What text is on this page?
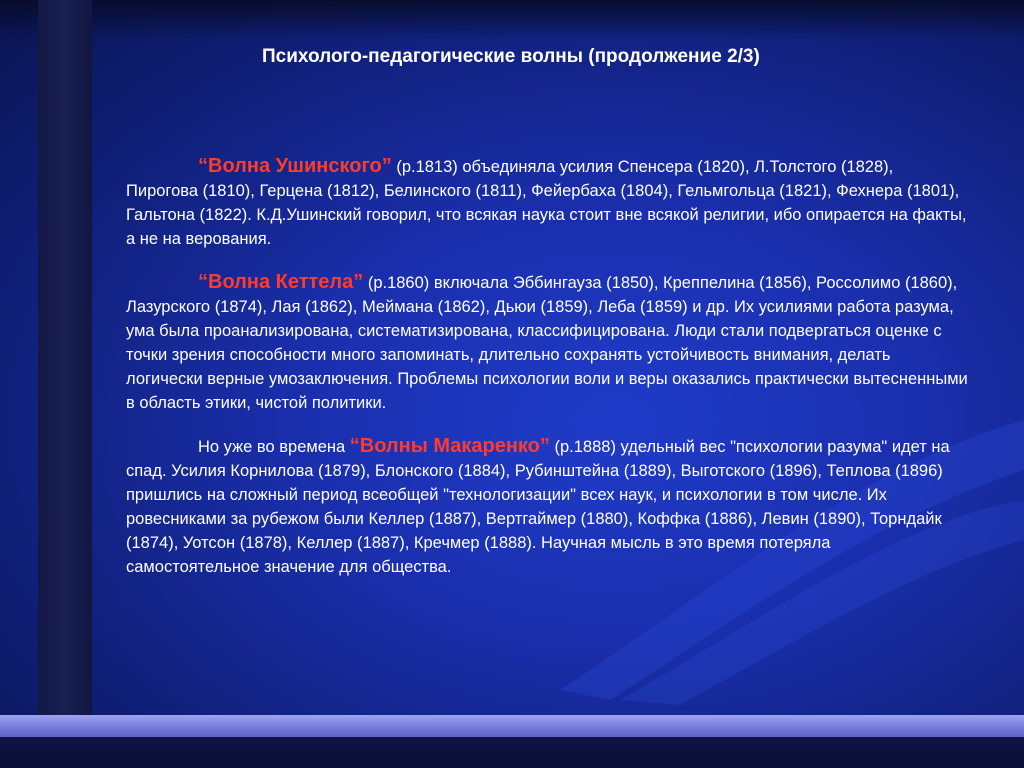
Психолого-педагогические волны (продолжение 2/3)

“Волна Ушинского” (р.1813) объединяла усилия Спенсера (1820), Л.Толстого (1828), Пирогова (1810), Герцена (1812), Белинского (1811), Фейербаха (1804), Гельмгольца (1821), Фехнера (1801), Гальтона (1822). К.Д.Ушинский говорил, что всякая наука стоит вне всякой религии, ибо опирается на факты, а не на верования.

“Волна Кеттела” (р.1860) включала Эббингауза (1850), Креппелина (1856), Россолимо (1860), Лазурского (1874), Лая (1862), Меймана (1862), Дьюи (1859), Леба (1859) и др. Их усилиями работа разума, ума была проанализирована, систематизирована, классифицирована. Люди стали подвергаться оценке с точки зрения способности много запоминать, длительно сохранять устойчивость внимания, делать логически верные умозаключения. Проблемы психологии воли и веры оказались практически вытесненными в область этики, чистой политики.

Но уже во времена “Волны Макаренко” (р.1888) удельный вес "психологии разума" идет на спад. Усилия Корнилова (1879), Блонского (1884), Рубинштейна (1889), Выготского (1896), Теплова (1896) пришлись на сложный период всеобщей "технологизации" всех наук, и психологии в том числе. Их ровесниками за рубежом были Келлер (1887), Вертгаймер (1880), Коффка (1886), Левин (1890), Торндайк (1874), Уотсон (1878), Келлер (1887), Кречмер (1888). Научная мысль в это время потеряла самостоятельное значение для общества.
